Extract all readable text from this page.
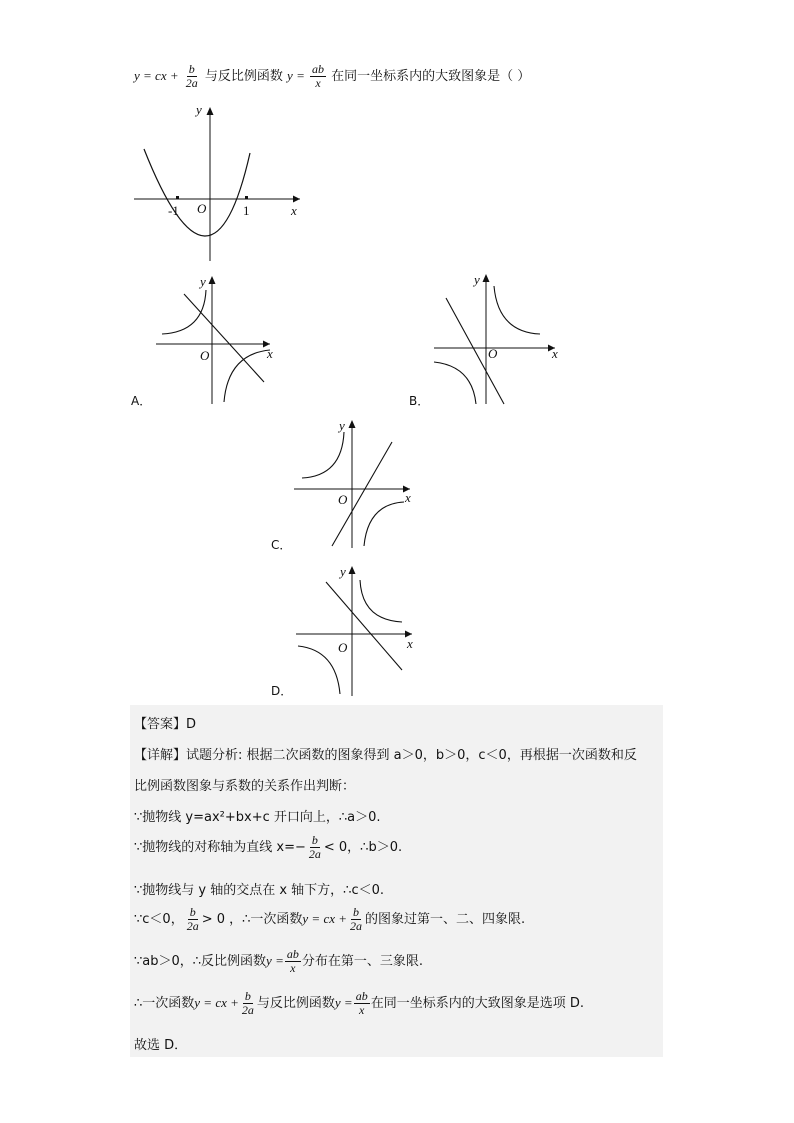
y = cx + $\frac{b}{2a}$ 与反比例函数 $y = \frac{ab}{x}$ 在同一坐标系内的大致图象是（ ）
y
x
O
-1	1
y
x
O
A．
y
x
O
B．
y
x
O
C．
y
x
O
D．
【答案】D
【详解】试题分析: 根据二次函数的图象得到 a＞0，b＞0，c＜0，再根据一次函数和反
比例函数图象与系数的关系作出判断：
∵抛物线 y=ax²+bx+c 开口向上，∴a＞0.
∵抛物线的对称轴为直线 $x=- \frac{b}{2a} < 0$，∴b＞0.
∵抛物线与 y 轴的交点在 x 轴下方，∴c＜0.
∵c＜0， $\frac{b}{2a} > 0$ ，∴一次函数y = cx + $\frac{b}{2a}$ 的图象过第一、二、四象限.
∵ab＞0，∴反比例函数$y = \frac{ab}{x}$ 分布在第一、三象限.
∴一次函数y = cx + $\frac{b}{2a}$ 与反比例函数$y = \frac{ab}{x}$ 在同一坐标系内的大致图象是选项 D.
故选 D．
